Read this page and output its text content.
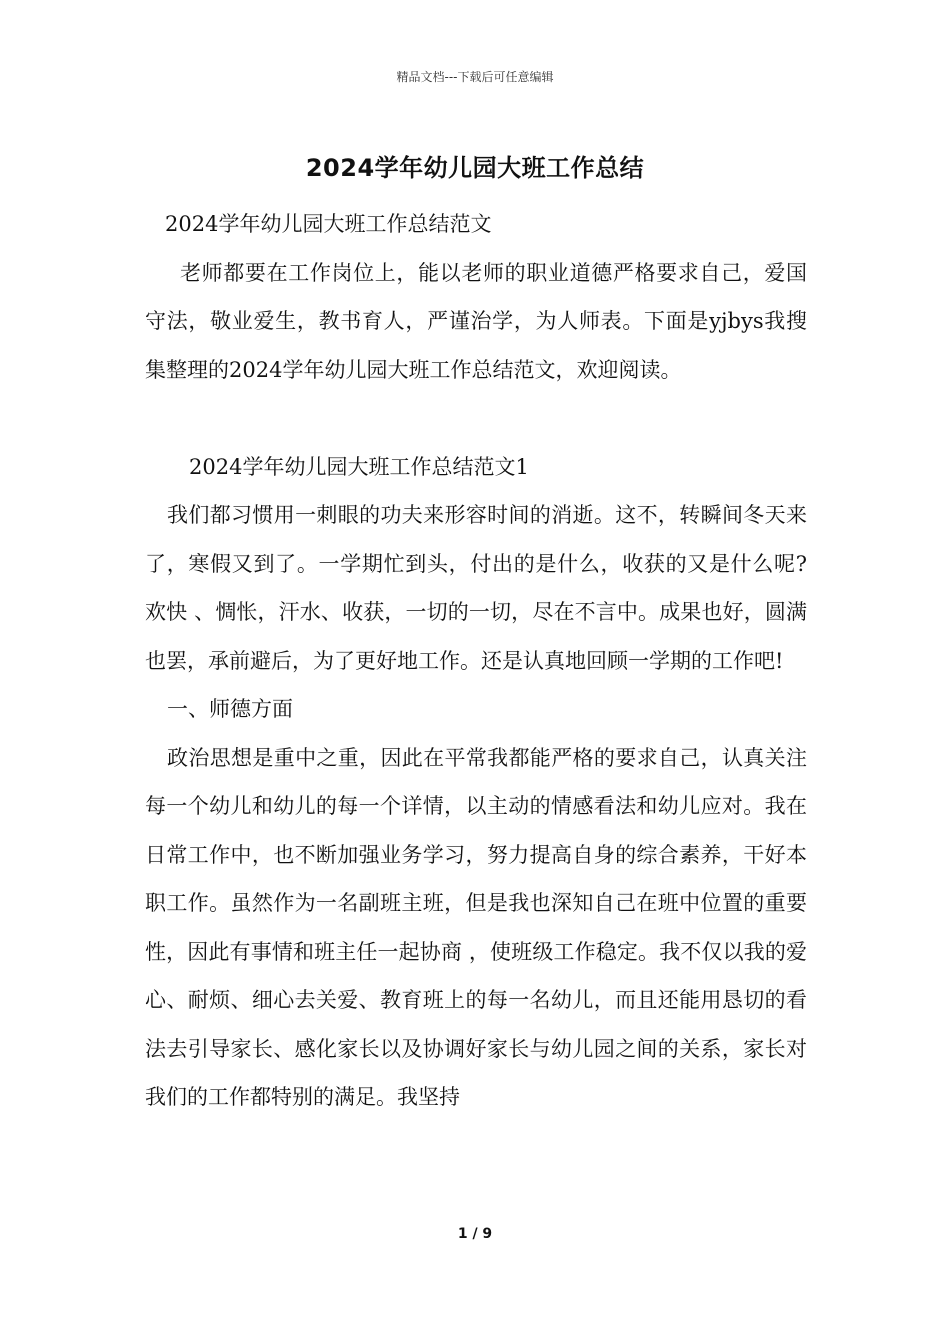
精品文档---下载后可任意编辑
2024学年幼儿园大班工作总结

2024学年幼儿园大班工作总结范文

老师都要在工作岗位上，能以老师的职业道德严格要求自己，爱国守法，敬业爱生，教书育人，严谨治学，为人师表。下面是yjbys我搜集整理的2024学年幼儿园大班工作总结范文，欢迎阅读。

2024学年幼儿园大班工作总结范文1

我们都习惯用一刺眼的功夫来形容时间的消逝。这不，转瞬间冬天来了，寒假又到了。一学期忙到头，付出的是什么，收获的又是什么呢?欢快 、惆怅，汗水、收获，一切的一切，尽在不言中。成果也好，圆满也罢，承前避后，为了更好地工作。还是认真地回顾一学期的工作吧!

一、师德方面

政治思想是重中之重，因此在平常我都能严格的要求自己，认真关注每一个幼儿和幼儿的每一个详情，以主动的情感看法和幼儿应对。我在日常工作中，也不断加强业务学习，努力提高自身的综合素养，干好本职工作。虽然作为一名副班主班，但是我也深知自己在班中位置的重要性，因此有事情和班主任一起协商 ，使班级工作稳定。我不仅以我的爱心、耐烦、细心去关爱、教育班上的每一名幼儿，而且还能用恳切的看法去引导家长、感化家长以及协调好家长与幼儿园之间的关系，家长对我们的工作都特别的满足。我坚持

1 / 9
